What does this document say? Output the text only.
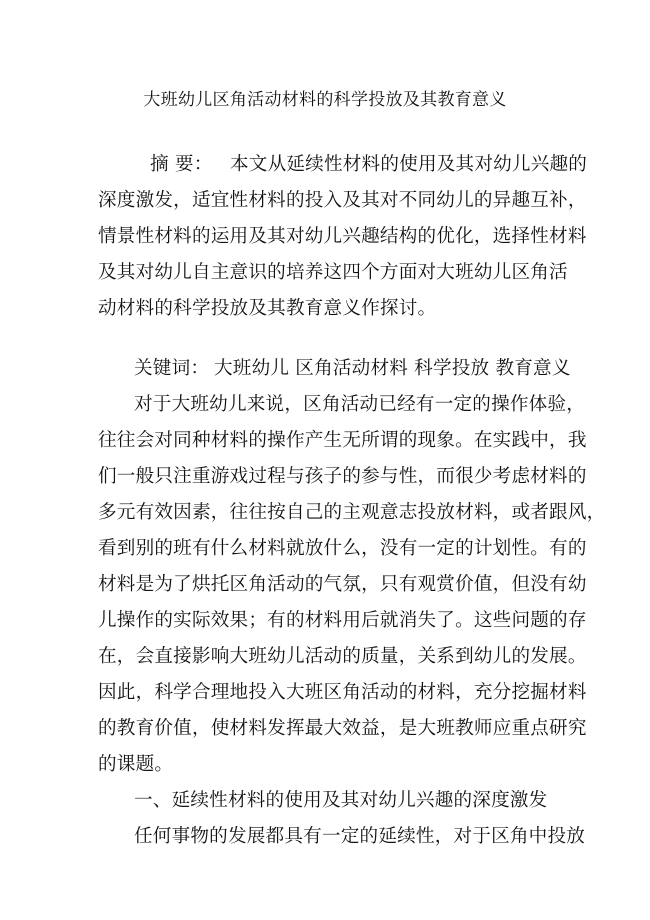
大班幼儿区角活动材料的科学投放及其教育意义
摘 要： 本文从延续性材料的使用及其对幼儿兴趣的
深度激发，适宜性材料的投入及其对不同幼儿的异趣互补，
情景性材料的运用及其对幼儿兴趣结构的优化，选择性材料
及其对幼儿自主意识的培养这四个方面对大班幼儿区角活
动材料的科学投放及其教育意义作探讨。
关键词： 大班幼儿 区角活动材料 科学投放 教育意义
对于大班幼儿来说，区角活动已经有一定的操作体验，
往往会对同种材料的操作产生无所谓的现象。在实践中，我
们一般只注重游戏过程与孩子的参与性，而很少考虑材料的
多元有效因素，往往按自己的主观意志投放材料，或者跟风，
看到别的班有什么材料就放什么，没有一定的计划性。有的
材料是为了烘托区角活动的气氛，只有观赏价值，但没有幼
儿操作的实际效果；有的材料用后就消失了。这些问题的存
在，会直接影响大班幼儿活动的质量，关系到幼儿的发展。
因此，科学合理地投入大班区角活动的材料，充分挖掘材料
的教育价值，使材料发挥最大效益，是大班教师应重点研究
的课题。
一、延续性材料的使用及其对幼儿兴趣的深度激发
任何事物的发展都具有一定的延续性，对于区角中投放
